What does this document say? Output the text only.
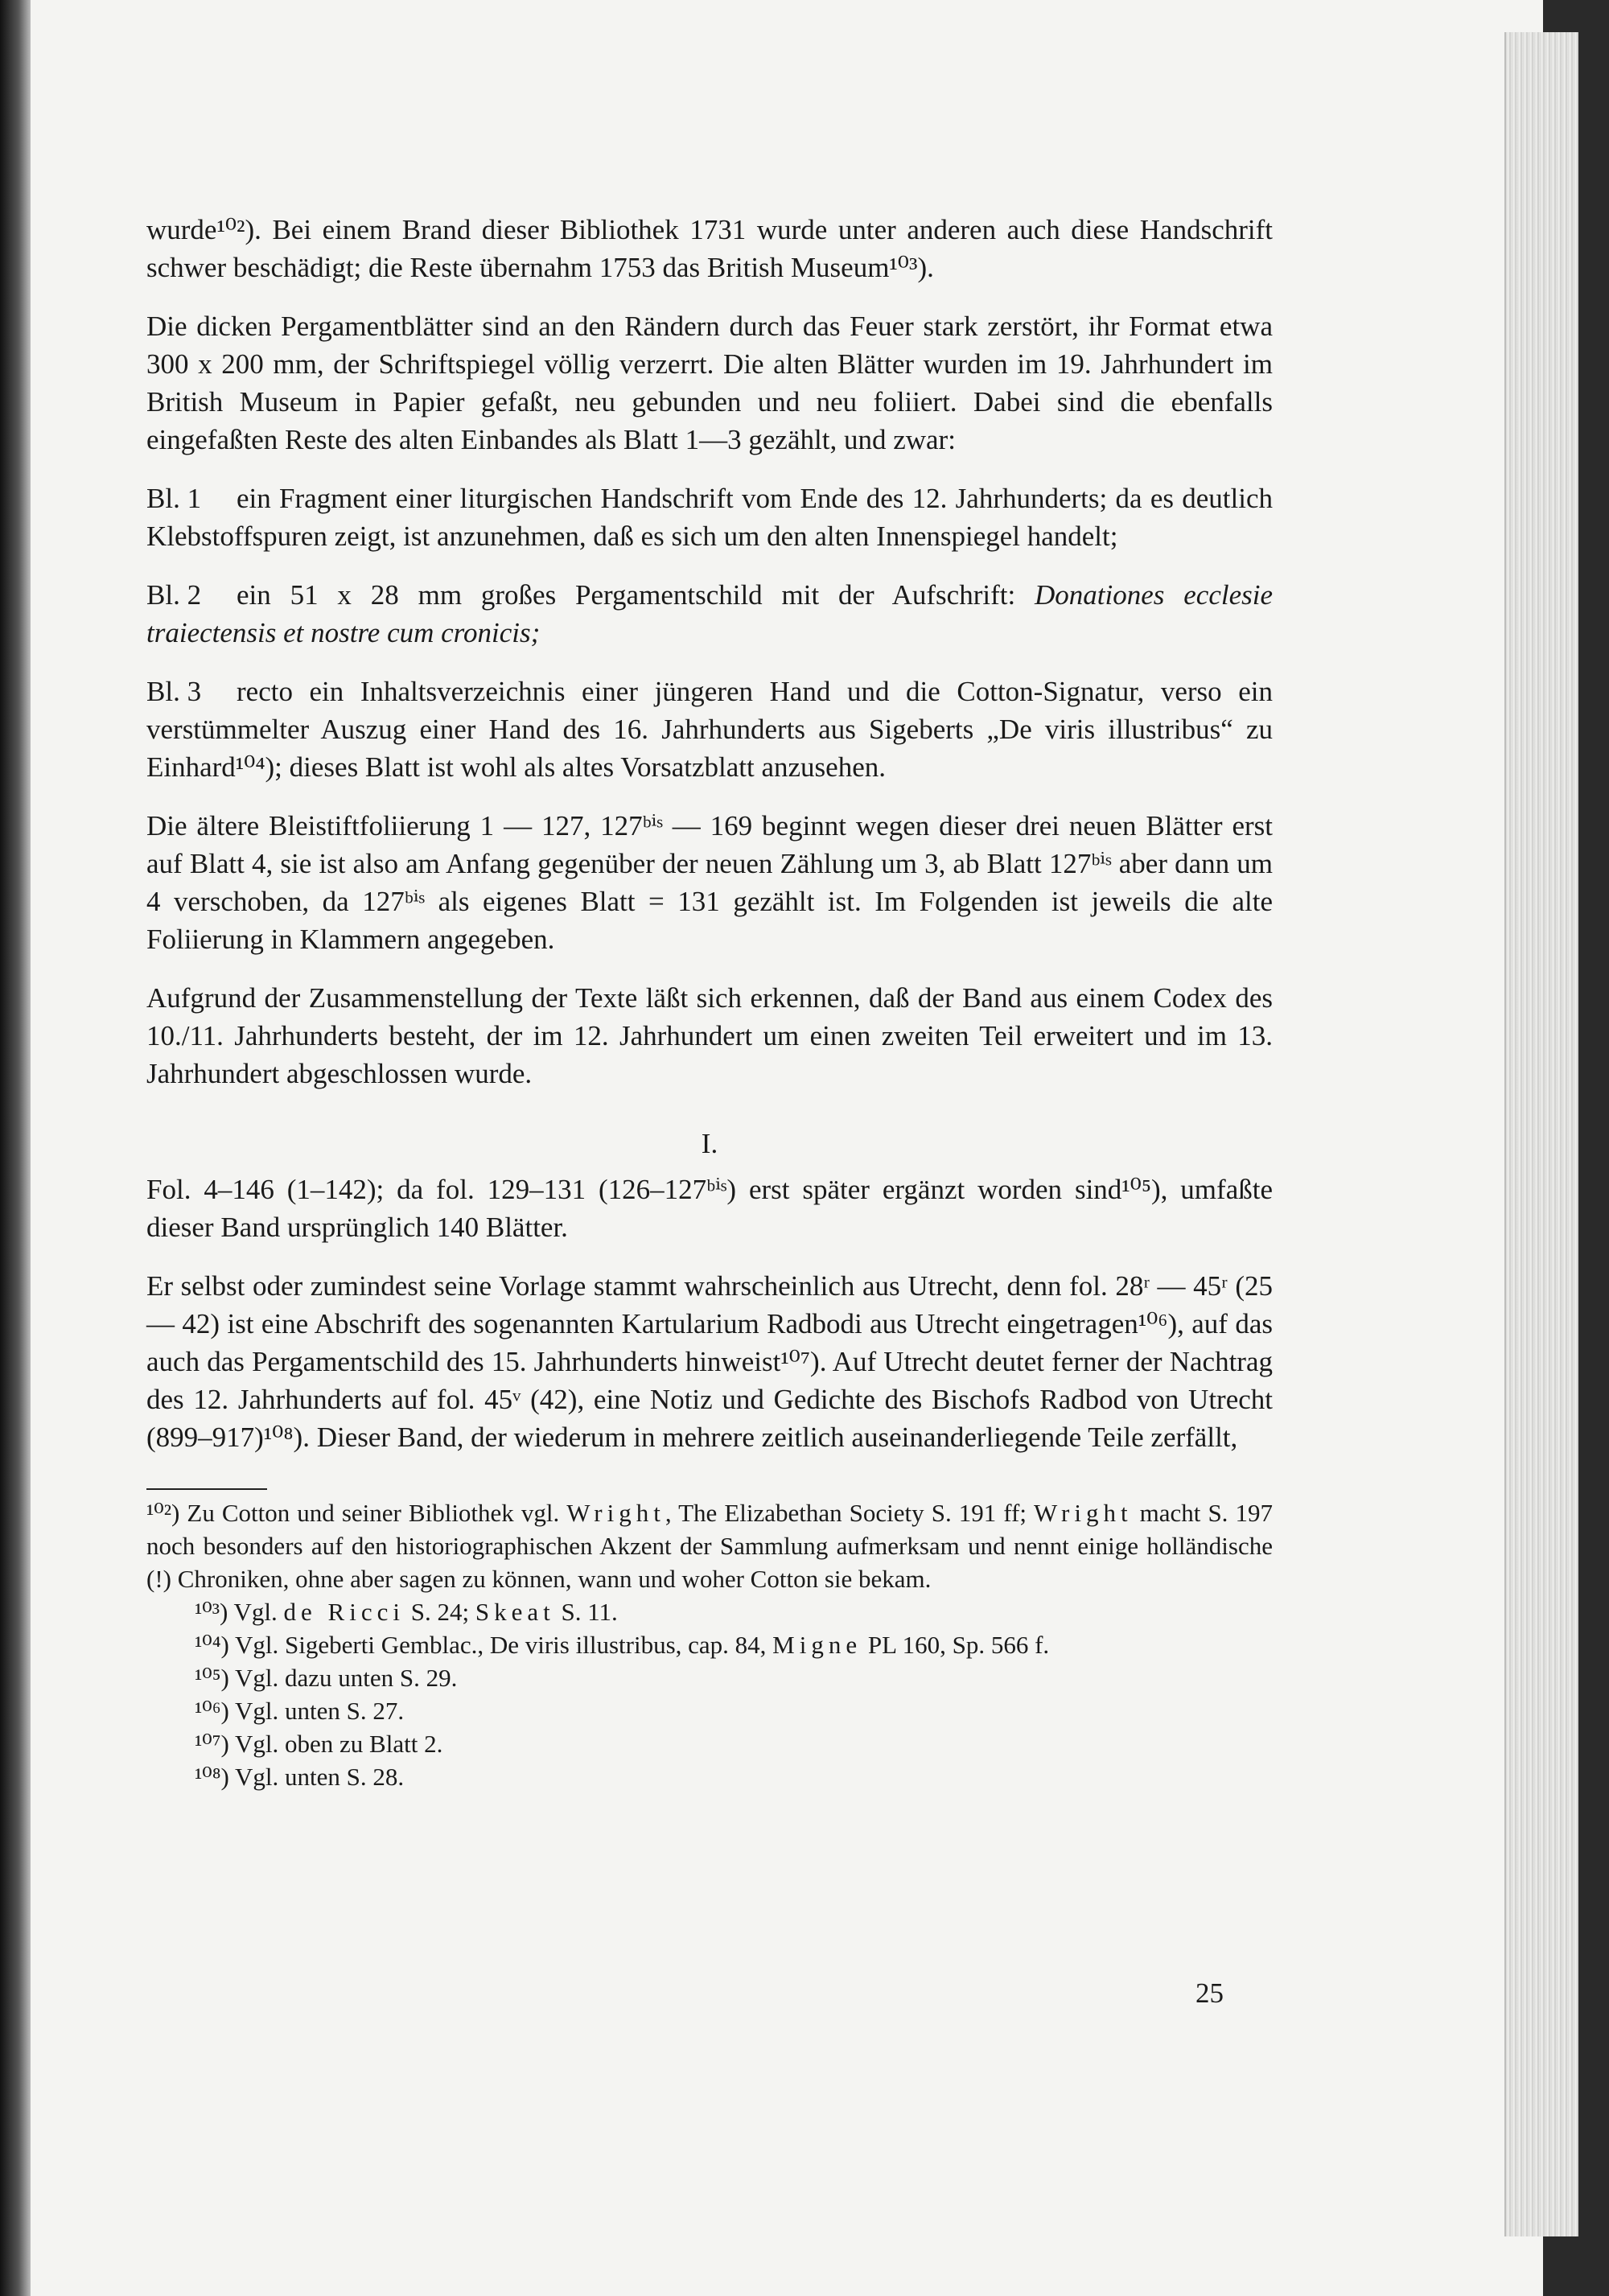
wurde¹⁰²). Bei einem Brand dieser Bibliothek 1731 wurde unter anderen auch diese Handschrift schwer beschädigt; die Reste übernahm 1753 das British Museum¹⁰³).

Die dicken Pergamentblätter sind an den Rändern durch das Feuer stark zerstört, ihr Format etwa 300 x 200 mm, der Schriftspiegel völlig verzerrt. Die alten Blätter wurden im 19. Jahrhundert im British Museum in Papier gefaßt, neu gebunden und neu foliiert. Dabei sind die ebenfalls eingefaßten Reste des alten Einbandes als Blatt 1—3 gezählt, und zwar:

Bl. 1 ein Fragment einer liturgischen Handschrift vom Ende des 12. Jahrhunderts; da es deutlich Klebstoffspuren zeigt, ist anzunehmen, daß es sich um den alten Innenspiegel handelt;

Bl. 2 ein 51 x 28 mm großes Pergamentschild mit der Aufschrift: Donationes ecclesie traiectensis et nostre cum cronicis;

Bl. 3 recto ein Inhaltsverzeichnis einer jüngeren Hand und die Cotton-Signatur, verso ein verstümmelter Auszug einer Hand des 16. Jahrhunderts aus Sigeberts „De viris illustribus“ zu Einhard¹⁰⁴); dieses Blatt ist wohl als altes Vorsatzblatt anzusehen.

Die ältere Bleistiftfoliierung 1 — 127, 127ᵇⁱˢ — 169 beginnt wegen dieser drei neuen Blätter erst auf Blatt 4, sie ist also am Anfang gegenüber der neuen Zählung um 3, ab Blatt 127ᵇⁱˢ aber dann um 4 verschoben, da 127ᵇⁱˢ als eigenes Blatt = 131 gezählt ist. Im Folgenden ist jeweils die alte Foliierung in Klammern angegeben.

Aufgrund der Zusammenstellung der Texte läßt sich erkennen, daß der Band aus einem Codex des 10./11. Jahrhunderts besteht, der im 12. Jahrhundert um einen zweiten Teil erweitert und im 13. Jahrhundert abgeschlossen wurde.

I.

Fol. 4–146 (1–142); da fol. 129–131 (126–127ᵇⁱˢ) erst später ergänzt worden sind¹⁰⁵), umfaßte dieser Band ursprünglich 140 Blätter.

Er selbst oder zumindest seine Vorlage stammt wahrscheinlich aus Utrecht, denn fol. 28ʳ — 45ʳ (25 — 42) ist eine Abschrift des sogenannten Kartularium Radbodi aus Utrecht eingetragen¹⁰⁶), auf das auch das Pergamentschild des 15. Jahrhunderts hinweist¹⁰⁷). Auf Utrecht deutet ferner der Nachtrag des 12. Jahrhunderts auf fol. 45ᵛ (42), eine Notiz und Gedichte des Bischofs Radbod von Utrecht (899–917)¹⁰⁸). Dieser Band, der wiederum in mehrere zeitlich auseinanderliegende Teile zerfällt,

¹⁰²) Zu Cotton und seiner Bibliothek vgl. Wright, The Elizabethan Society S. 191 ff; Wright macht S. 197 noch besonders auf den historiographischen Akzent der Sammlung aufmerksam und nennt einige holländische (!) Chroniken, ohne aber sagen zu können, wann und woher Cotton sie bekam.

¹⁰³) Vgl. de Ricci S. 24; Skeat S. 11.

¹⁰⁴) Vgl. Sigeberti Gemblac., De viris illustribus, cap. 84, Migne PL 160, Sp. 566 f.

¹⁰⁵) Vgl. dazu unten S. 29.

¹⁰⁶) Vgl. unten S. 27.

¹⁰⁷) Vgl. oben zu Blatt 2.

¹⁰⁸) Vgl. unten S. 28.

25
